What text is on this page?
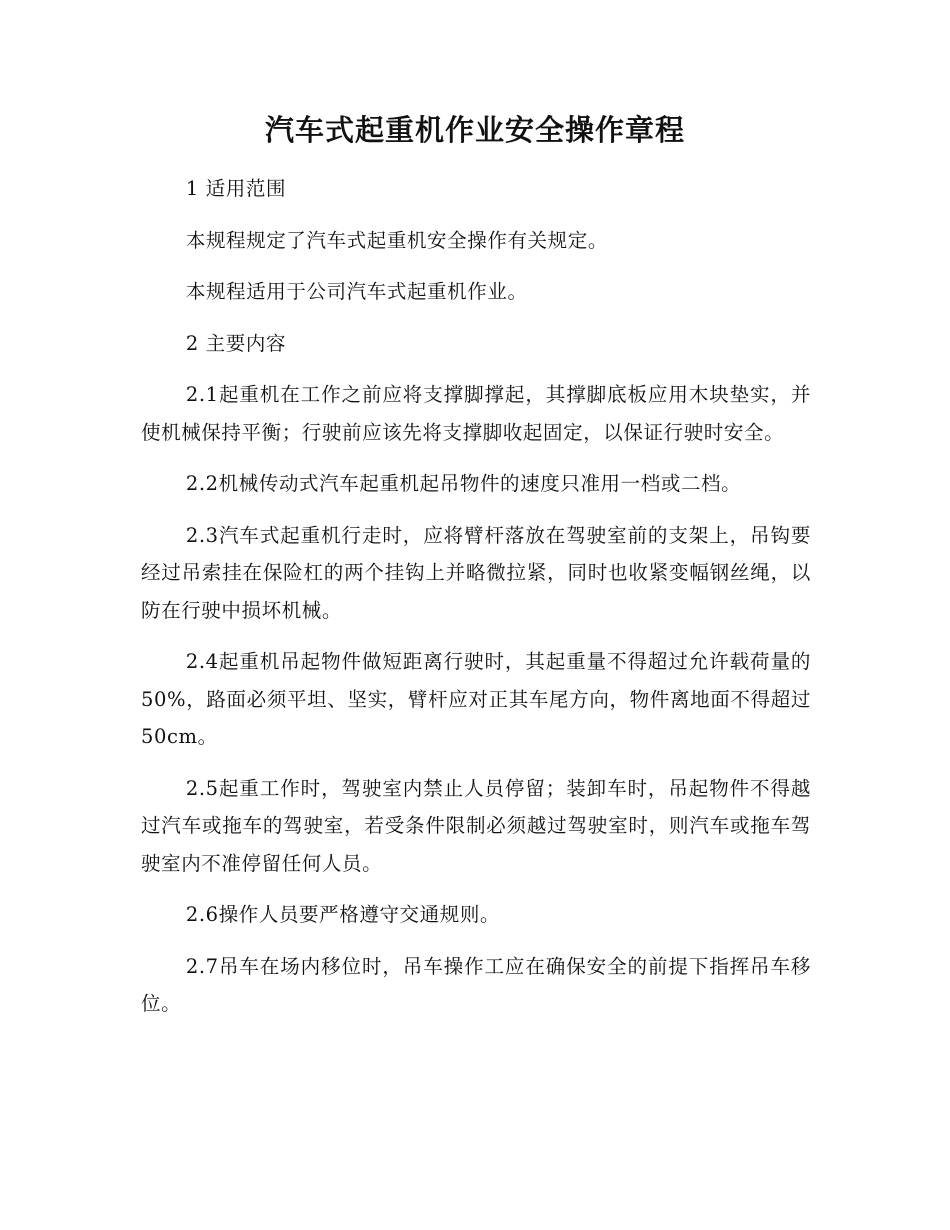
汽车式起重机作业安全操作章程

1 适用范围

本规程规定了汽车式起重机安全操作有关规定。

本规程适用于公司汽车式起重机作业。

2 主要内容

2.1起重机在工作之前应将支撑脚撑起，其撑脚底板应用木块垫实，并使机械保持平衡；行驶前应该先将支撑脚收起固定，以保证行驶时安全。

2.2机械传动式汽车起重机起吊物件的速度只准用一档或二档。

2.3汽车式起重机行走时，应将臂杆落放在驾驶室前的支架上，吊钩要经过吊索挂在保险杠的两个挂钩上并略微拉紧，同时也收紧变幅钢丝绳，以防在行驶中损坏机械。

2.4起重机吊起物件做短距离行驶时，其起重量不得超过允许载荷量的50%，路面必须平坦、坚实，臂杆应对正其车尾方向，物件离地面不得超过50cm。

2.5起重工作时，驾驶室内禁止人员停留；装卸车时，吊起物件不得越过汽车或拖车的驾驶室，若受条件限制必须越过驾驶室时，则汽车或拖车驾驶室内不准停留任何人员。

2.6操作人员要严格遵守交通规则。

2.7吊车在场内移位时，吊车操作工应在确保安全的前提下指挥吊车移位。
